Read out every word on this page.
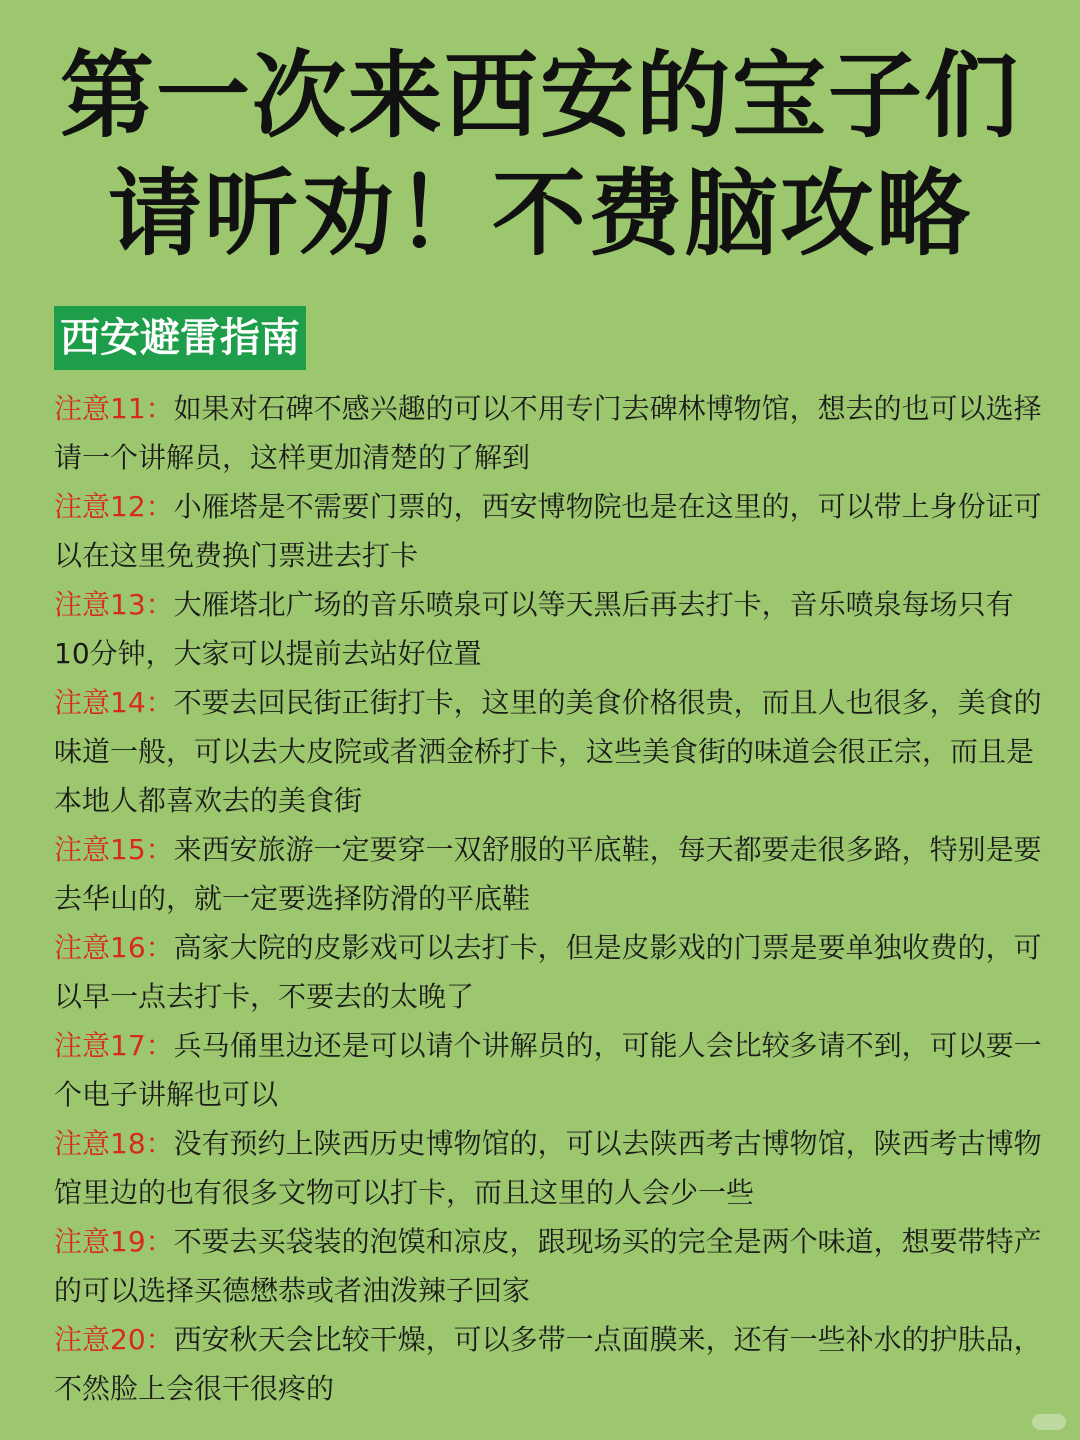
第一次来西安的宝子们
请听劝！不费脑攻略
西安避雷指南
注意11：如果对石碑不感兴趣的可以不用专门去碑林博物馆，想去的也可以选择请一个讲解员，这样更加清楚的了解到
注意12：小雁塔是不需要门票的，西安博物院也是在这里的，可以带上身份证可以在这里免费换门票进去打卡
注意13：大雁塔北广场的音乐喷泉可以等天黑后再去打卡，音乐喷泉每场只有10分钟，大家可以提前去站好位置
注意14：不要去回民街正街打卡，这里的美食价格很贵，而且人也很多，美食的味道一般，可以去大皮院或者洒金桥打卡，这些美食街的味道会很正宗，而且是本地人都喜欢去的美食街
注意15：来西安旅游一定要穿一双舒服的平底鞋，每天都要走很多路，特别是要去华山的，就一定要选择防滑的平底鞋
注意16：高家大院的皮影戏可以去打卡，但是皮影戏的门票是要单独收费的，可以早一点去打卡，不要去的太晚了
注意17：兵马俑里边还是可以请个讲解员的，可能人会比较多请不到，可以要一个电子讲解也可以
注意18：没有预约上陕西历史博物馆的，可以去陕西考古博物馆，陕西考古博物馆里边的也有很多文物可以打卡，而且这里的人会少一些
注意19：不要去买袋装的泡馍和凉皮，跟现场买的完全是两个味道，想要带特产的可以选择买德懋恭或者油泼辣子回家
注意20：西安秋天会比较干燥，可以多带一点面膜来，还有一些补水的护肤品，不然脸上会很干很疼的
